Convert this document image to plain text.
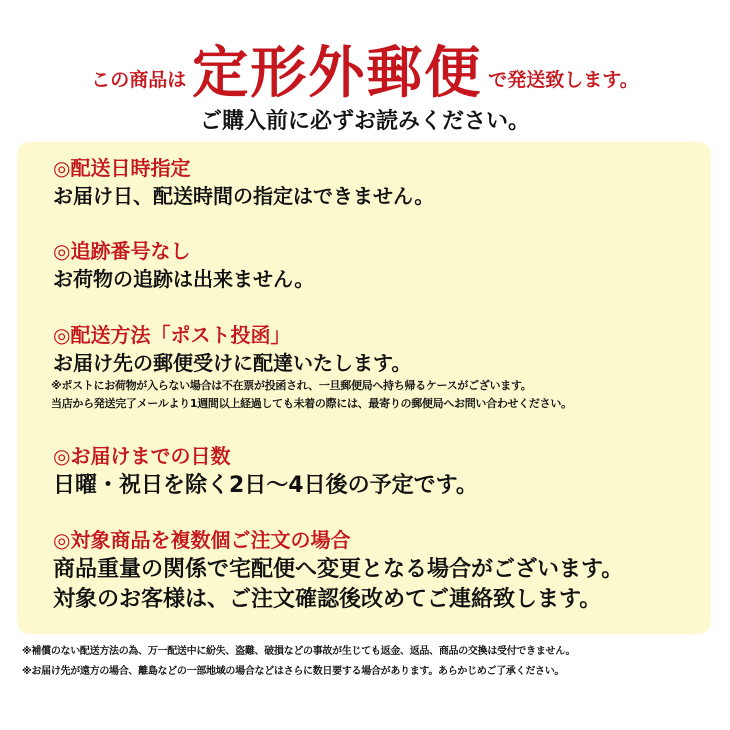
この商品は 定形外郵便 で発送致します。
ご購入前に必ずお読みください。
◎配送日時指定
お届け日、配送時間の指定はできません。
◎追跡番号なし
お荷物の追跡は出来ません。
◎配送方法「ポスト投函」
お届け先の郵便受けに配達いたします。
※ポストにお荷物が入らない場合は不在票が投函され、一旦郵便局へ持ち帰るケースがございます。
当店から発送完了メールより1週間以上経過しても未着の際には、最寄りの郵便局へお問い合わせください。
◎お届けまでの日数
日曜・祝日を除く2日〜4日後の予定です。
◎対象商品を複数個ご注文の場合
商品重量の関係で宅配便へ変更となる場合がございます。
対象のお客様は、ご注文確認後改めてご連絡致します。
※補償のない配送方法の為、万一配送中に紛失、盗難、破損などの事故が生じても返金、返品、商品の交換は受付できません。
※お届け先が遠方の場合、離島などの一部地域の場合などはさらに数日要する場合があります。あらかじめご了承ください。
